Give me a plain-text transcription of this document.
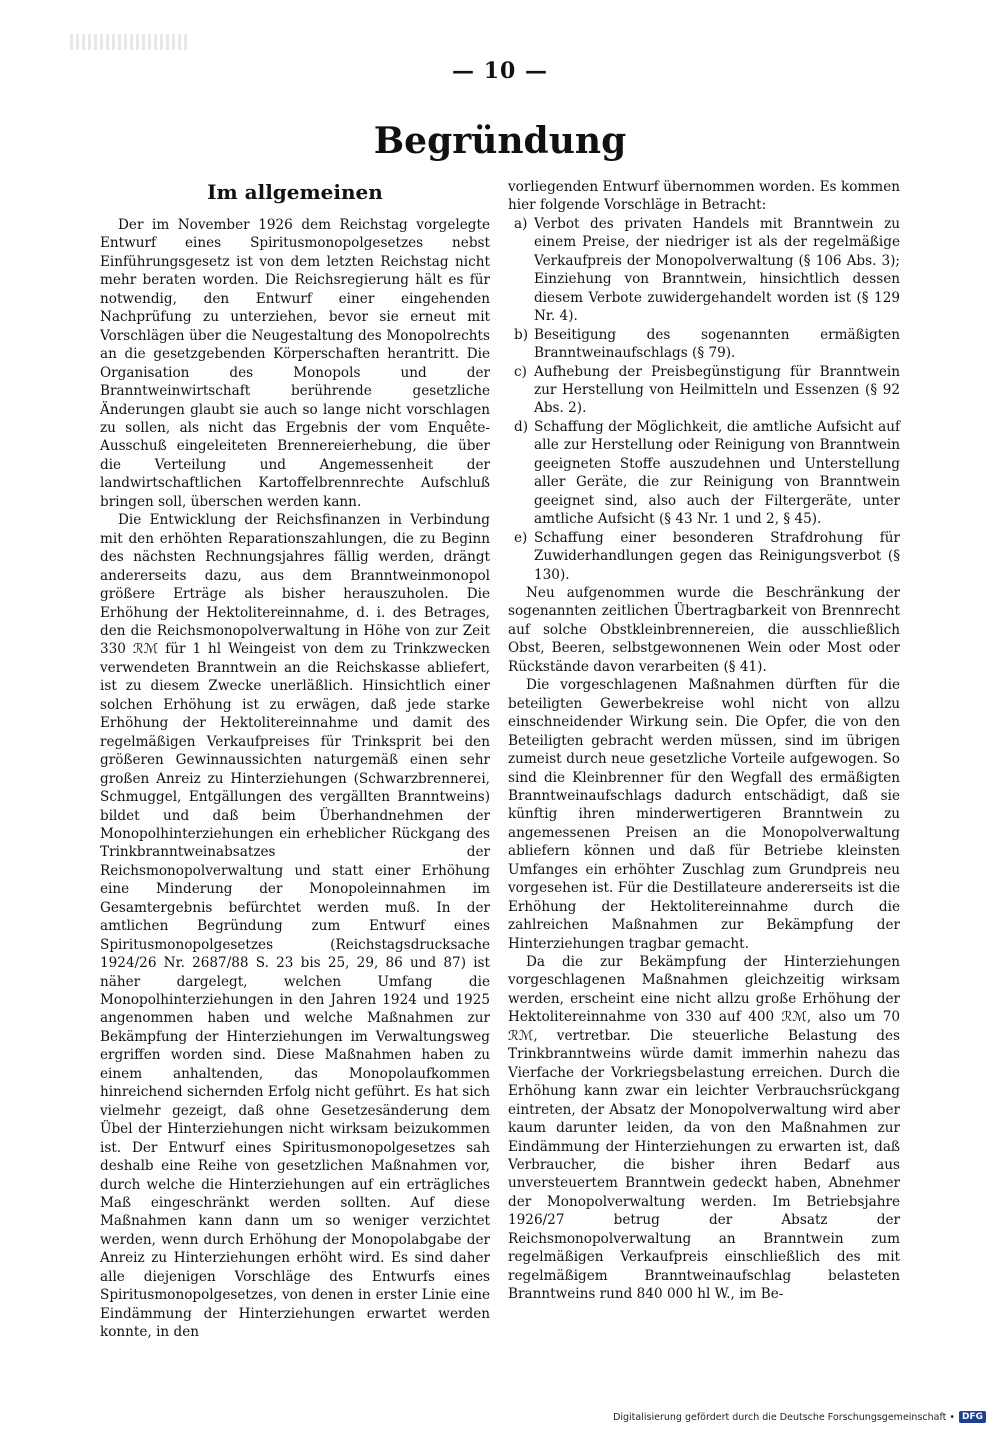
— 10 —
Begründung
Im allgemeinen

Der im November 1926 dem Reichstag vorgelegte Entwurf eines Spiritusmonopolgesetzes nebst Einführungsgesetz ist von dem letzten Reichstag nicht mehr beraten worden. Die Reichsregierung hält es für notwendig, den Entwurf einer eingehenden Nachprüfung zu unterziehen, bevor sie erneut mit Vorschlägen über die Neugestaltung des Monopolrechts an die gesetzgebenden Körperschaften herantritt. Die Organisation des Monopols und der Branntweinwirtschaft berührende gesetzliche Änderungen glaubt sie auch so lange nicht vorschlagen zu sollen, als nicht das Ergebnis der vom Enquête-Ausschuß eingeleiteten Brennereierhebung, die über die Verteilung und Angemessenheit der landwirtschaftlichen Kartoffelbrennrechte Aufschluß bringen soll, überschen werden kann.

Die Entwicklung der Reichsfinanzen in Verbindung mit den erhöhten Reparationszahlungen, die zu Beginn des nächsten Rechnungsjahres fällig werden, drängt andererseits dazu, aus dem Branntweinmonopol größere Erträge als bisher herauszuholen. Die Erhöhung der Hektolitereinnahme, d. i. des Betrages, den die Reichsmonopolverwaltung in Höhe von zur Zeit 330 ℛℳ für 1 hl Weingeist von dem zu Trinkzwecken verwendeten Branntwein an die Reichskasse abliefert, ist zu diesem Zwecke unerläßlich. Hinsichtlich einer solchen Erhöhung ist zu erwägen, daß jede starke Erhöhung der Hektolitereinnahme und damit des regelmäßigen Verkaufpreises für Trinksprit bei den größeren Gewinnaussichten naturgemäß einen sehr großen Anreiz zu Hinterziehungen (Schwarzbrennerei, Schmuggel, Entgällungen des vergällten Branntweins) bildet und daß beim Überhandnehmen der Monopolhinterziehungen ein erheblicher Rückgang des Trinkbranntweinabsatzes der Reichsmonopolverwaltung und statt einer Erhöhung eine Minderung der Monopoleinnahmen im Gesamtergebnis befürchtet werden muß. In der amtlichen Begründung zum Entwurf eines Spiritusmonopolgesetzes (Reichstagsdrucksache 1924/26 Nr. 2687/88 S. 23 bis 25, 29, 86 und 87) ist näher dargelegt, welchen Umfang die Monopolhinterziehungen in den Jahren 1924 und 1925 angenommen haben und welche Maßnahmen zur Bekämpfung der Hinterziehungen im Verwaltungsweg ergriffen worden sind. Diese Maßnahmen haben zu einem anhaltenden, das Monopolaufkommen hinreichend sichernden Erfolg nicht geführt. Es hat sich vielmehr gezeigt, daß ohne Gesetzesänderung dem Übel der Hinterziehungen nicht wirksam beizukommen ist. Der Entwurf eines Spiritusmonopolgesetzes sah deshalb eine Reihe von gesetzlichen Maßnahmen vor, durch welche die Hinterziehungen auf ein erträgliches Maß eingeschränkt werden sollten. Auf diese Maßnahmen kann dann um so weniger verzichtet werden, wenn durch Erhöhung der Monopolabgabe der Anreiz zu Hinterziehungen erhöht wird. Es sind daher alle diejenigen Vorschläge des Entwurfs eines Spiritusmonopolgesetzes, von denen in erster Linie eine Eindämmung der Hinterziehungen erwartet werden konnte, in den

vorliegenden Entwurf übernommen worden. Es kommen hier folgende Vorschläge in Betracht:

a) Verbot des privaten Handels mit Branntwein zu einem Preise, der niedriger ist als der regelmäßige Verkaufpreis der Monopolverwaltung (§ 106 Abs. 3); Einziehung von Branntwein, hinsichtlich dessen diesem Verbote zuwidergehandelt worden ist (§ 129 Nr. 4).
b) Beseitigung des sogenannten ermäßigten Branntweinaufschlags (§ 79).
c) Aufhebung der Preisbegünstigung für Branntwein zur Herstellung von Heilmitteln und Essenzen (§ 92 Abs. 2).
d) Schaffung der Möglichkeit, die amtliche Aufsicht auf alle zur Herstellung oder Reinigung von Branntwein geeigneten Stoffe auszudehnen und Unterstellung aller Geräte, die zur Reinigung von Branntwein geeignet sind, also auch der Filtergeräte, unter amtliche Aufsicht (§ 43 Nr. 1 und 2, § 45).
e) Schaffung einer besonderen Strafdrohung für Zuwiderhandlungen gegen das Reinigungsverbot (§ 130).

Neu aufgenommen wurde die Beschränkung der sogenannten zeitlichen Übertragbarkeit von Brennrecht auf solche Obstkleinbrennereien, die ausschließlich Obst, Beeren, selbstgewonnenen Wein oder Most oder Rückstände davon verarbeiten (§ 41).

Die vorgeschlagenen Maßnahmen dürften für die beteiligten Gewerbekreise wohl nicht von allzu einschneidender Wirkung sein. Die Opfer, die von den Beteiligten gebracht werden müssen, sind im übrigen zumeist durch neue gesetzliche Vorteile aufgewogen. So sind die Kleinbrenner für den Wegfall des ermäßigten Branntweinaufschlags dadurch entschädigt, daß sie künftig ihren minderwertigeren Branntwein zu angemessenen Preisen an die Monopolverwaltung abliefern können und daß für Betriebe kleinsten Umfanges ein erhöhter Zuschlag zum Grundpreis neu vorgesehen ist. Für die Destillateure andererseits ist die Erhöhung der Hektolitereinnahme durch die zahlreichen Maßnahmen zur Bekämpfung der Hinterziehungen tragbar gemacht.

Da die zur Bekämpfung der Hinterziehungen vorgeschlagenen Maßnahmen gleichzeitig wirksam werden, erscheint eine nicht allzu große Erhöhung der Hektolitereinnahme von 330 auf 400 ℛℳ, also um 70 ℛℳ, vertretbar. Die steuerliche Belastung des Trinkbranntweins würde damit immerhin nahezu das Vierfache der Vorkriegsbelastung erreichen. Durch die Erhöhung kann zwar ein leichter Verbrauchsrückgang eintreten, der Absatz der Monopolverwaltung wird aber kaum darunter leiden, da von den Maßnahmen zur Eindämmung der Hinterziehungen zu erwarten ist, daß Verbraucher, die bisher ihren Bedarf aus unversteuertem Branntwein gedeckt haben, Abnehmer der Monopolverwaltung werden. Im Betriebsjahre 1926/27 betrug der Absatz der Reichsmonopolverwaltung an Branntwein zum regelmäßigen Verkaufpreis einschließlich des mit regelmäßigem Branntweinaufschlag belasteten Branntweins rund 840 000 hl W., im Be-

Digitalisierung gefördert durch die Deutsche Forschungsgemeinschaft • DFG
